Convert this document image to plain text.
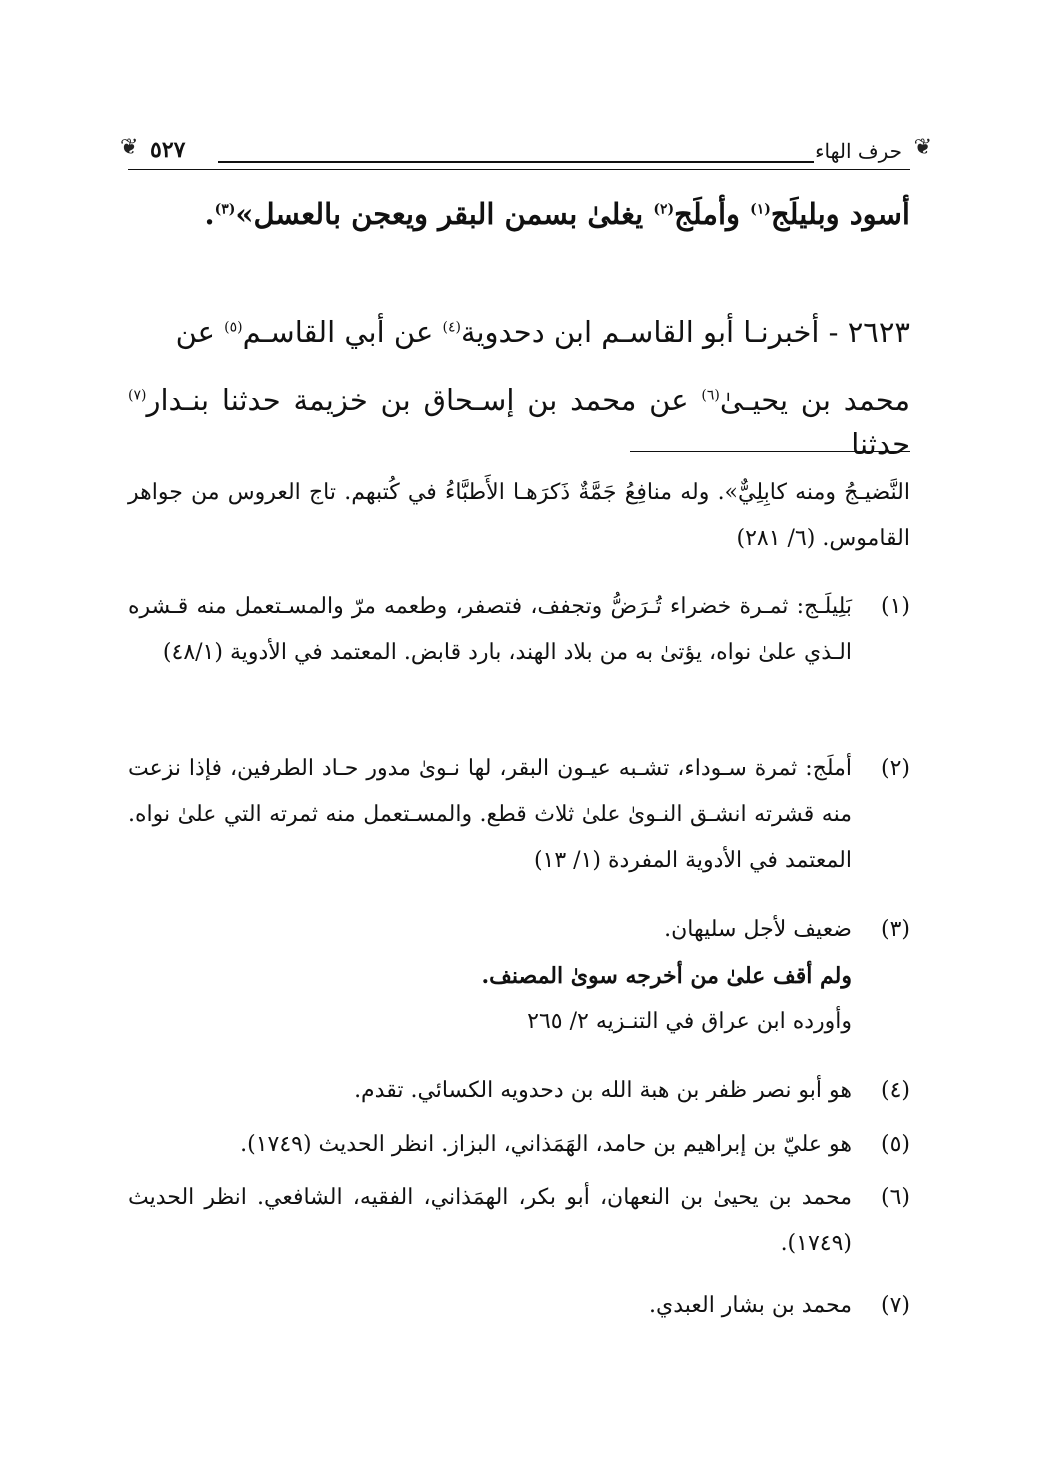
❦
حرف الهاء
٥٢٧
❦
أسود وبليلَج$^{(١)}$ وأملَج$^{(٢)}$ يغلىٰ بسمن البقر ويعجن بالعسل»$^{(٣)}$.
٢٦٢٣ - أخبرنـا أبو القاسـم ابن دحدوية$^{(٤)}$ عن أبي القاسـم$^{(٥)}$ عن
محمد بن يحيـىٰ$^{(٦)}$ عن محمد بن إسـحاق بن خزيمة حدثنا بنـدار$^{(٧)}$ حدثنا
النَّضيـجُ ومنه كابِلِيٌّ». وله منافِعُ جَمَّةٌ ذَكرَهـا الأَطبَّاءُ في كُتبهم. تاج العروس من جواهر القاموس. (٦/ ٢٨١)
(١)
بَلِيلَـج: ثمـرة خضراء تُـرَضُّ وتجفف، فتصفر، وطعمه مرّ والمسـتعمل منه قـشره الـذي علىٰ نواه، يؤتىٰ به من بلاد الهند، بارد قابض. المعتمد في الأدوية (٤٨/١)
(٢)
أملَج: ثمرة سـوداء، تشـبه عيـون البقر، لها نـوىٰ مدور حـاد الطرفين، فإذا نزعت منه قشرته انشـق النـوىٰ علىٰ ثلاث قطع. والمسـتعمل منه ثمرته التي علىٰ نواه. المعتمد في الأدوية المفردة (١/ ١٣)
(٣)
ضعيف لأجل سليهان.
ولم أقف علىٰ من أخرجه سوىٰ المصنف.
وأورده ابن عراق في التنـزيه ٢/ ٢٦٥
(٤)
هو أبو نصر ظفر بن هبة الله بن دحدويه الكسائي. تقدم.
(٥)
هو عليّ بن إبراهيم بن حامد، الهَمَذاني، البزاز. انظر الحديث (١٧٤٩).
(٦)
محمد بن يحيىٰ بن النعهان، أبو بكر، الهمَذاني، الفقيه، الشافعي. انظر الحديث (١٧٤٩).
(٧)
محمد بن بشار العبدي.
